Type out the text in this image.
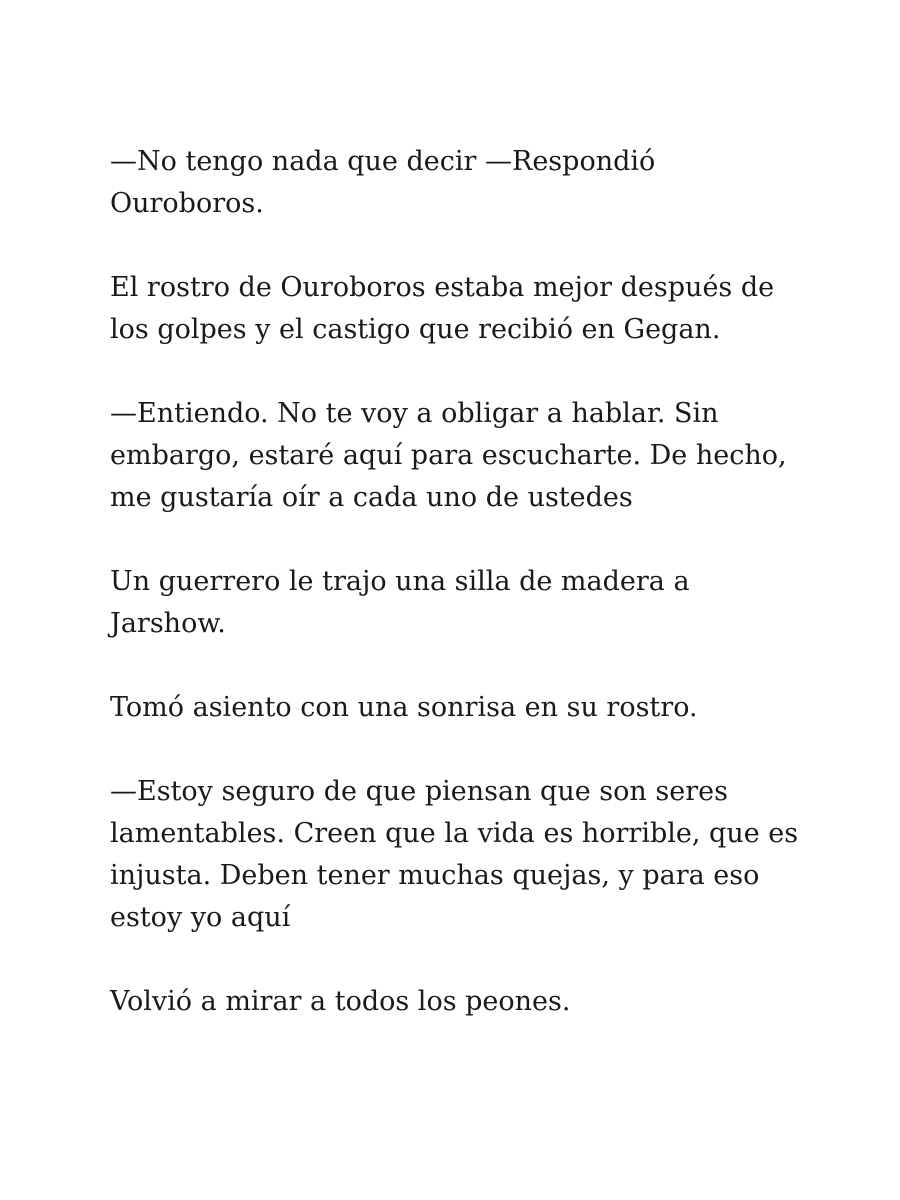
—No tengo nada que decir —Respondió Ouroboros.

El rostro de Ouroboros estaba mejor después de los golpes y el castigo que recibió en Gegan.

—Entiendo. No te voy a obligar a hablar. Sin embargo, estaré aquí para escucharte. De hecho, me gustaría oír a cada uno de ustedes

Un guerrero le trajo una silla de madera a Jarshow.

Tomó asiento con una sonrisa en su rostro.

—Estoy seguro de que piensan que son seres lamentables. Creen que la vida es horrible, que es injusta. Deben tener muchas quejas, y para eso estoy yo aquí

Volvió a mirar a todos los peones.
